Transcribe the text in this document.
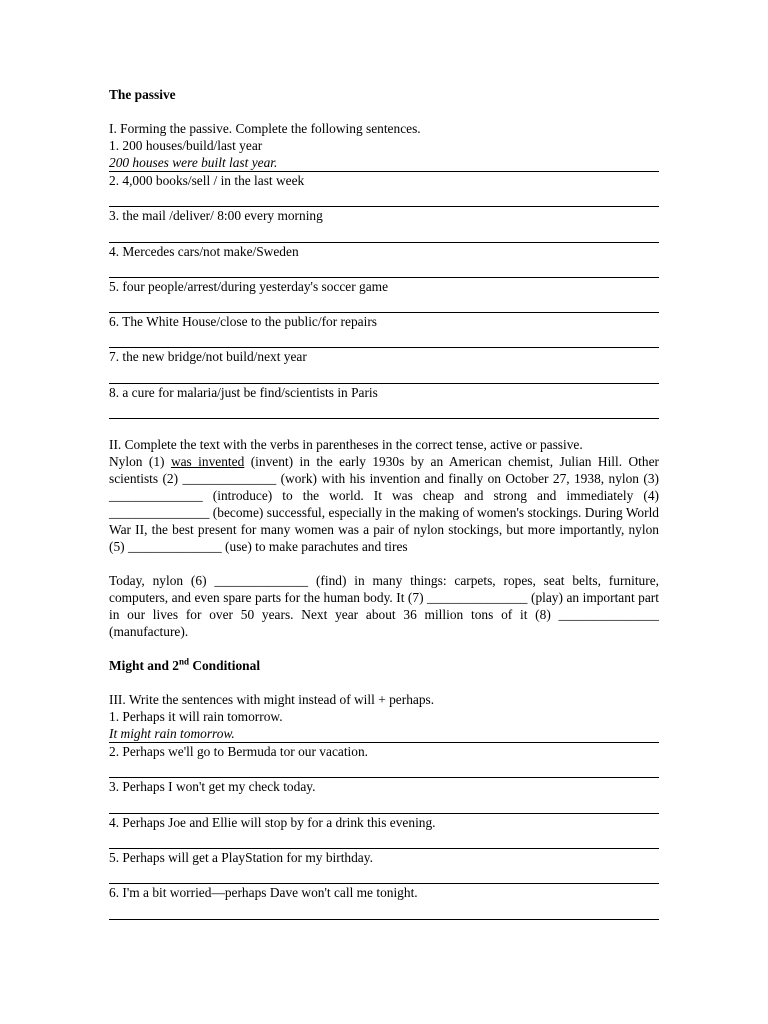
The passive

I. Forming the passive. Complete the following sentences.

1. 200 houses/build/last year

200 houses were built last year.

2. 4,000 books/sell / in the last week

3. the mail /deliver/ 8:00 every morning

4. Mercedes cars/not make/Sweden

5. four people/arrest/during yesterday's soccer game

6. The White House/close to the public/for repairs

7. the new bridge/not build/next year

8. a cure for malaria/just be find/scientists in Paris

II. Complete the text with the verbs in parentheses in the correct tense, active or passive.

Nylon (1) was invented (invent) in the early 1930s by an American chemist, Julian Hill. Other scientists (2) ______________ (work) with his invention and finally on October 27, 1938, nylon (3) ______________ (introduce) to the world. It was cheap and strong and immediately (4) _______________ (become) successful, especially in the making of women's stockings. During World War II, the best present for many women was a pair of nylon stockings, but more importantly, nylon (5) ______________ (use) to make parachutes and tires

Today, nylon (6) ______________ (find) in many things: carpets, ropes, seat belts, furniture, computers, and even spare parts for the human body. It (7) _______________ (play) an important part in our lives for over 50 years. Next year about 36 million tons of it (8) _______________ (manufacture).

Might and 2nd Conditional

III. Write the sentences with might instead of will + perhaps.

1. Perhaps it will rain tomorrow.

It might rain tomorrow.

2. Perhaps we'll go to Bermuda tor our vacation.

3. Perhaps I won't get my check today.

4. Perhaps Joe and Ellie will stop by for a drink this evening.

5. Perhaps will get a PlayStation for my birthday.

6. I'm a bit worried—perhaps Dave won't call me tonight.
